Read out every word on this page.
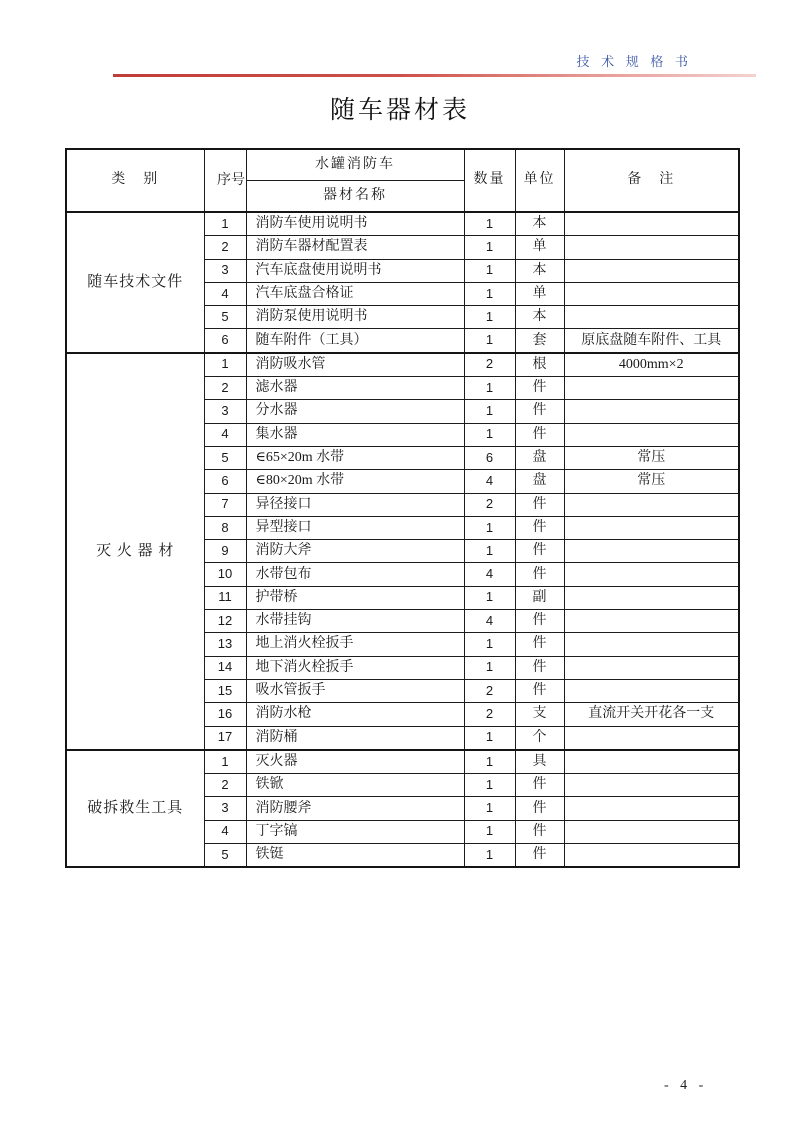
技 术 规 格 书
随车器材表
类　别	序号	水罐消防车	数量	单位	备　注
		器材名称			
随车技术文件	1	消防车使用说明书	1	本	
	2	消防车器材配置表	1	单	
	3	汽车底盘使用说明书	1	本	
	4	汽车底盘合格证	1	单	
	5	消防泵使用说明书	1	本	
	6	随车附件（工具）	1	套	原底盘随车附件、工具
灭 火 器 材	1	消防吸水管	2	根	4000mm×2
	2	滤水器	1	件	
	3	分水器	1	件	
	4	集水器	1	件	
	5	∈65×20m 水带	6	盘	常压
	6	∈80×20m 水带	4	盘	常压
	7	异径接口	2	件	
	8	异型接口	1	件	
	9	消防大斧	1	件	
	10	水带包布	4	件	
	11	护带桥	1	副	
	12	水带挂钩	4	件	
	13	地上消火栓扳手	1	件	
	14	地下消火栓扳手	1	件	
	15	吸水管扳手	2	件	
	16	消防水枪	2	支	直流开关开花各一支
	17	消防桶	1	个	
破拆救生工具	1	灭火器	1	具	
	2	铁锨	1	件	
	3	消防腰斧	1	件	
	4	丁字镐	1	件	
	5	铁铤	1	件	
- 4 -
